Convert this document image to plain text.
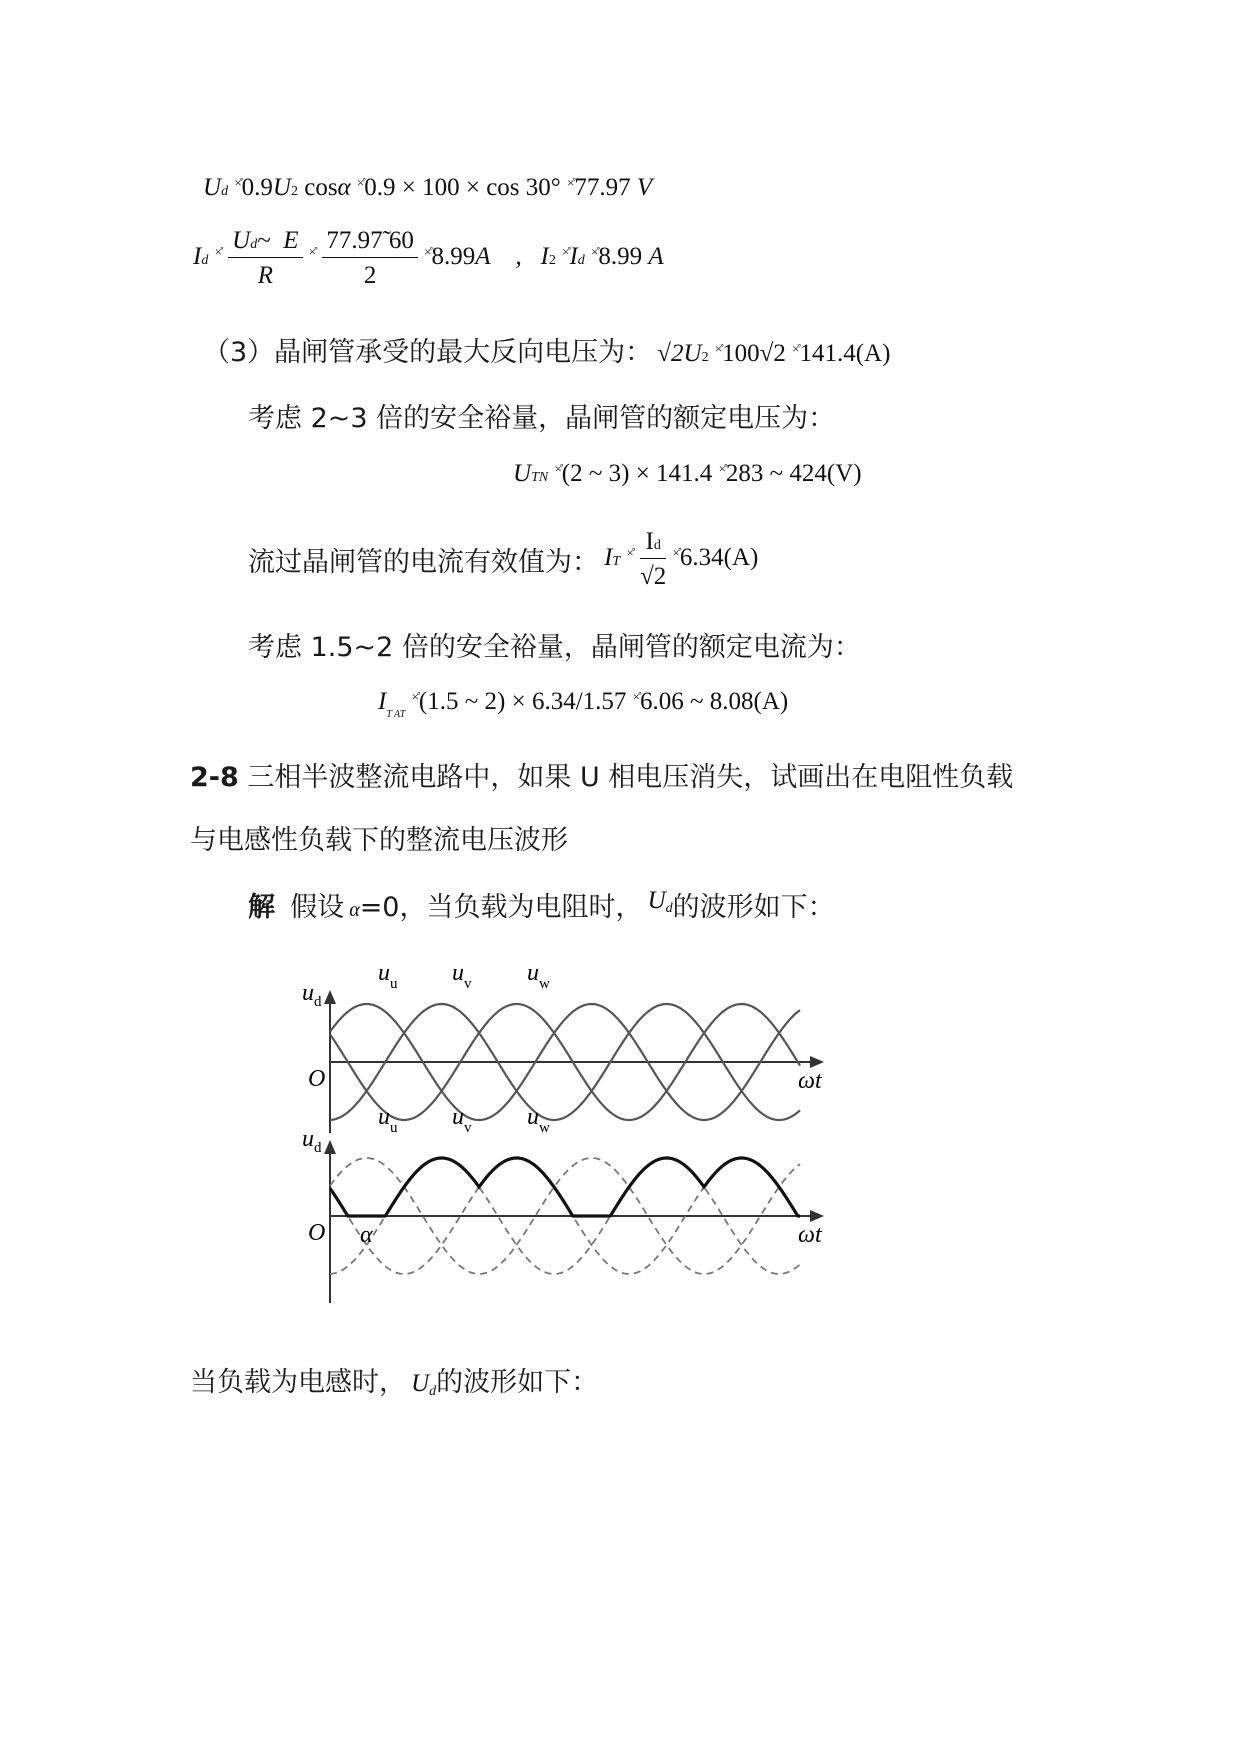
Ud ×̊0.9U2 cosα ×̊0.9 × 100 × cos 30° ×̊77.97 V
Id $^{\times̊} \frac{Ud\sim E}{R} ^{\times̊} \frac{77.97̃ 60}{2} ^{\times̊}8.99A$ , I2 ×̊Id ×̊8.99 A
（3）晶闸管承受的最大反向电压为： √2U2 ×̊100√2 ×̊141.4(A)
考虑 2~3 倍的安全裕量，晶闸管的额定电压为：
UTN ×̊(2 ~ 3) × 141.4 ×̊283 ~ 424(V)
流过晶闸管的电流有效值为： IT $^{\times̊} \frac{Id}{√2} ^{\times̊}6.34(A)$
考虑 1.5~2 倍的安全裕量，晶闸管的额定电流为：
$I_{T AT}$ ×̊(1.5 ~ 2) × 6.34/1.57 ×̊6.06 ~ 8.08(A)
2-8 三相半波整流电路中，如果 U 相电压消失，试画出在电阻性负载
与电感性负载下的整流电压波形
解 假设 α=0，当负载为电阻时， Ud的波形如下：
$u_d$
O	ωt
$u_u$ $u_v$ $u_w$
$u_d$
O	ωt
α
$u_u$ $u_v$ $u_w$
当负载为电感时， Ud的波形如下：
